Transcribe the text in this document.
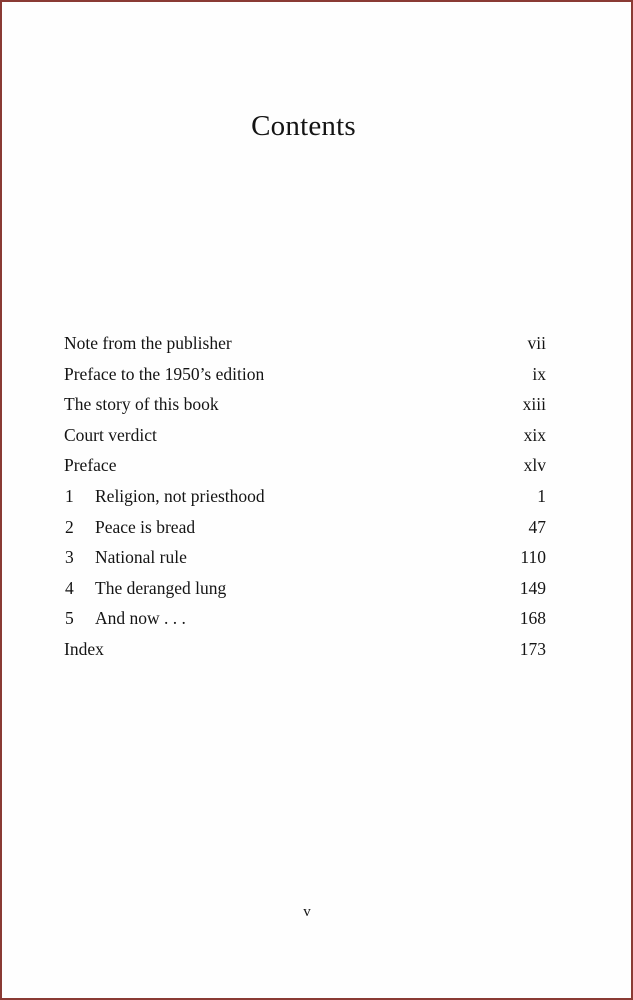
Contents
Note from the publisher	vii
Preface to the 1950’s edition	ix
The story of this book	xiii
Court verdict	xix
Preface	xlv
1	Religion, not priesthood	1
2	Peace is bread	47
3	National rule	110
4	The deranged lung	149
5	And now . . .	168
Index	173
v
